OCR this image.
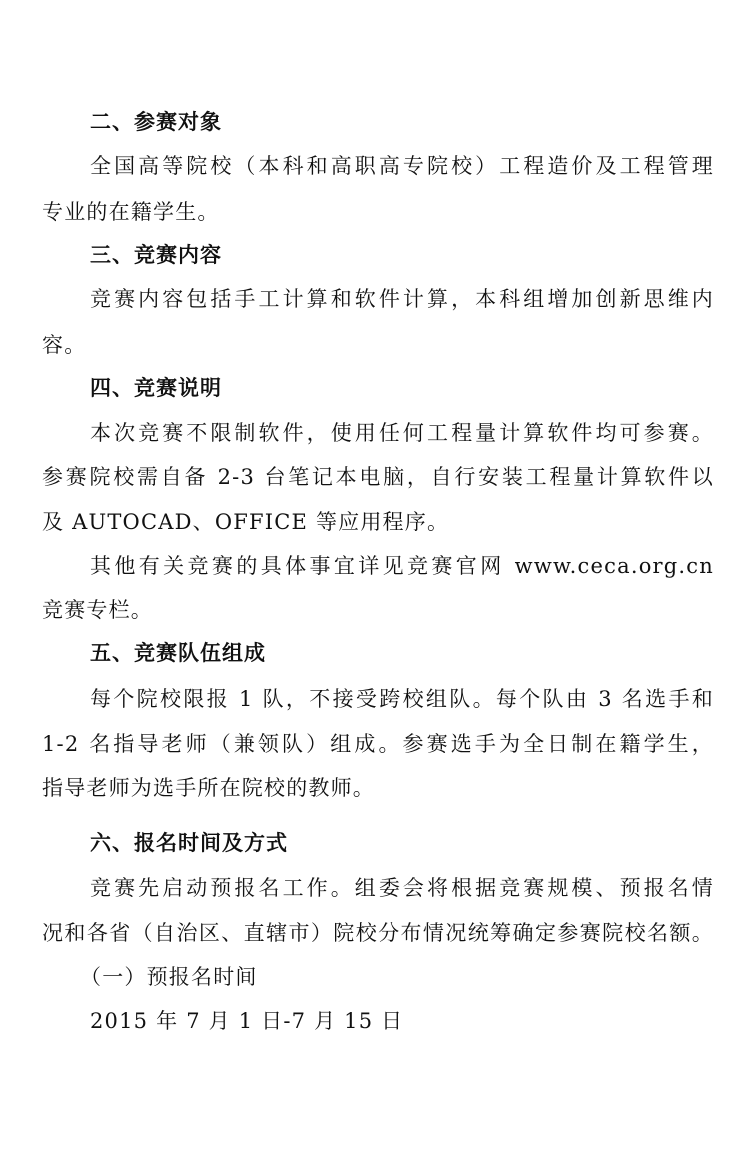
二、参赛对象
全国高等院校（本科和高职高专院校）工程造价及工程管理
专业的在籍学生。
三、竞赛内容
竞赛内容包括手工计算和软件计算，本科组增加创新思维内
容。
四、竞赛说明
本次竞赛不限制软件，使用任何工程量计算软件均可参赛。
参赛院校需自备 2-3 台笔记本电脑，自行安装工程量计算软件以
及 AUTOCAD、OFFICE 等应用程序。
其他有关竞赛的具体事宜详见竞赛官网 www.ceca.org.cn
竞赛专栏。
五、竞赛队伍组成
每个院校限报 1 队，不接受跨校组队。每个队由 3 名选手和
1-2 名指导老师（兼领队）组成。参赛选手为全日制在籍学生，
指导老师为选手所在院校的教师。
六、报名时间及方式
竞赛先启动预报名工作。组委会将根据竞赛规模、预报名情
况和各省（自治区、直辖市）院校分布情况统筹确定参赛院校名额。
（一）预报名时间
2015 年 7 月 1 日-7 月 15 日
